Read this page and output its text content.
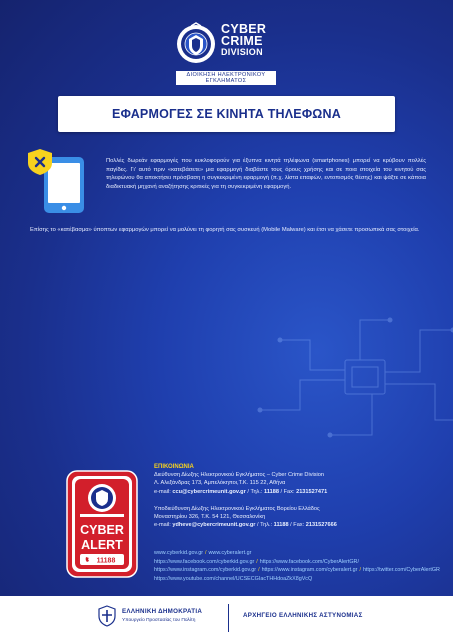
CYBER
CRIME
DIVISION
ΔΙΟΙΚΗΣΗ ΗΛΕΚΤΡΟΝΙΚΟΥ ΕΓΚΛΗΜΑΤΟΣ
ΕΦΑΡΜΟΓΕΣ ΣΕ ΚΙΝΗΤΑ ΤΗΛΕΦΩΝΑ

Πολλές δωρεάν εφαρμογές που κυκλοφορούν για έξυπνα κινητά τηλέφωνα (smartphones) μπορεί να κρύβουν πολλές παγίδες. Γι' αυτό πριν «κατεβάσετε» μια εφαρμογή διαβάστε τους όρους χρήσης και σε ποια στοιχεία του κινητού σας τηλεφώνου θα αποκτήσει πρόσβαση η συγκεκριμένη εφαρμογή (π.χ. λίστα επαφών, εντοπισμός θέσης) και ψάξτε σε κάποια διαδικτυακή μηχανή αναζήτησης κριτικές για τη συγκεκριμένη εφαρμογή.

Επίσης το «κατέβασμα» ύποπτων εφαρμογών μπορεί να μολύνει τη φορητή σας συσκευή (Mobile Malware) και έτσι να χάσετε προσωπικά σας στοιχεία.

CYBER
ALERT
11188
ΕΠΙΚΟΙΝΩΝΙΑ
Διεύθυνση Δίωξης Ηλεκτρονικού Εγκλήματος – Cyber Crime Division
Λ. Αλεξάνδρας 173, Αμπελόκηποι,Τ.Κ. 115 22, Αθήνα
e-mail: ccu@cybercrimeunit.gov.gr / Τηλ.: 11188 / Fax: 2131527471
Υποδιεύθυνση Δίωξης Ηλεκτρονικού Εγκλήματος Βορείου Ελλάδος
Μοναστηρίου 326, Τ.Κ. 54 121, Θεσσαλονίκη
e-mail: ydheve@cybercrimeunit.gov.gr / Τηλ.: 11188 / Fax: 2131527666
www.cyberkid.gov.gr / www.cyberalert.gr
https://www.facebook.com/cyberkid.gov.gr / https://www.facebook.com/CyberAlertGR/
https://www.instagram.com/cyberkid.gov.gr / https://www.instagram.com/cyberalert.gr / https://twitter.com/CyberAlertGR
https://www.youtube.com/channel/UCSECGIacTHHdoaZkX8gVcQ
ΕΛΛΗΝΙΚΗ ΔΗΜΟΚΡΑΤΙΑ
Υπουργείο Προστασίας του Πολίτη
ΑΡΧΗΓΕΙΟ ΕΛΛΗΝΙΚΗΣ ΑΣΤΥΝΟΜΙΑΣ
